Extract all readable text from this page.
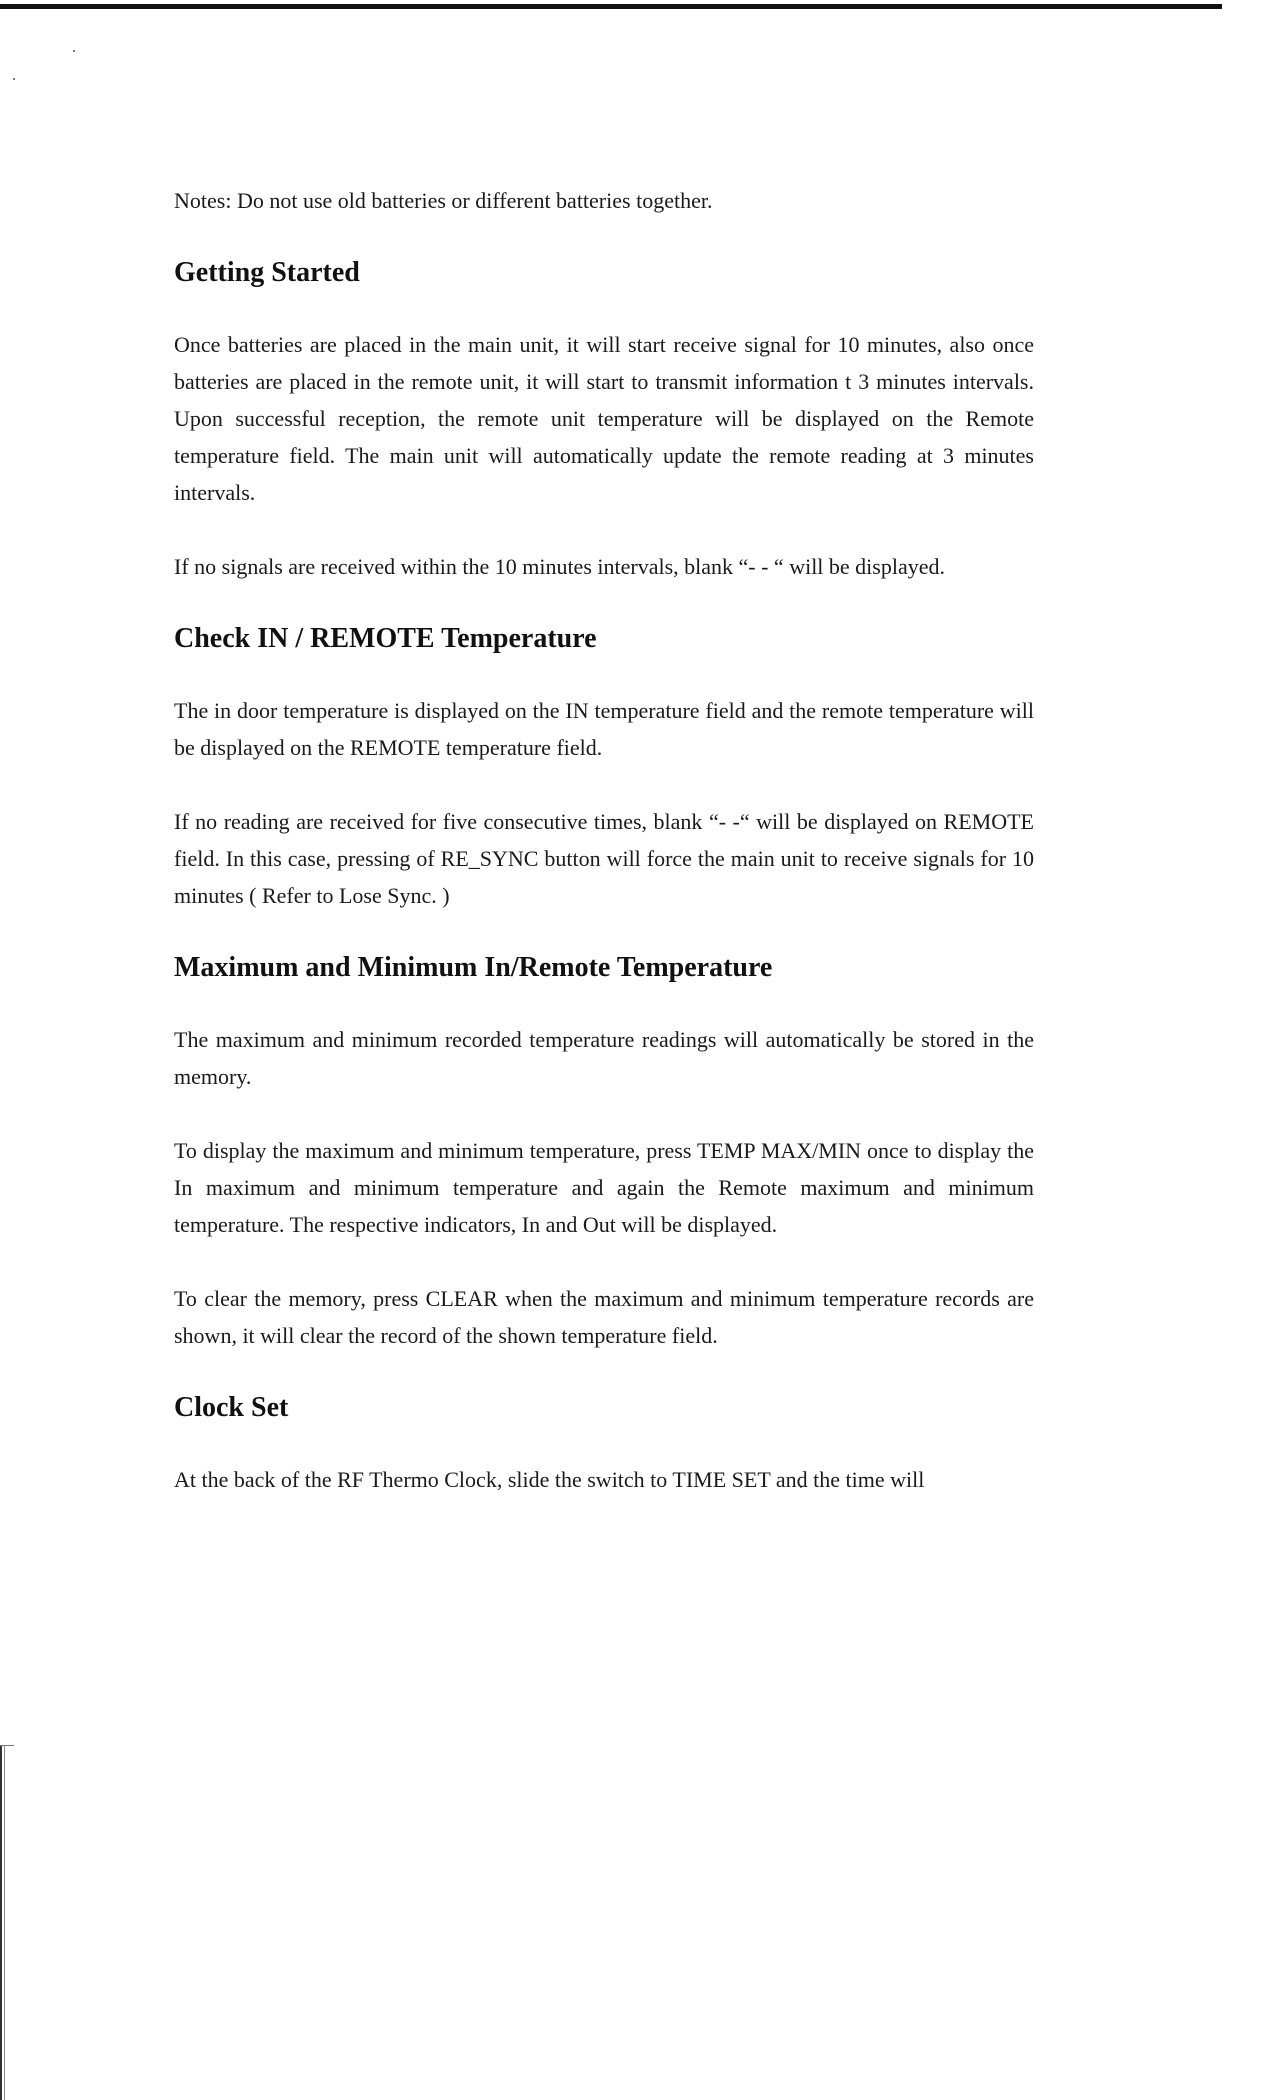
Notes: Do not use old batteries or different batteries together.

Getting Started

Once batteries are placed in the main unit, it will start receive signal for 10 minutes, also once batteries are placed in the remote unit, it will start to transmit information t 3 minutes intervals. Upon successful reception, the remote unit temperature will be displayed on the Remote temperature field. The main unit will automatically update the remote reading at 3 minutes intervals.

If no signals are received within the 10 minutes intervals, blank “- - “ will be displayed.

Check IN / REMOTE Temperature

The in door temperature is displayed on the IN temperature field and the remote temperature will be displayed on the REMOTE temperature field.

If no reading are received for five consecutive times, blank “- -“ will be displayed on REMOTE field. In this case, pressing of RE_SYNC button will force the main unit to receive signals for 10 minutes ( Refer to Lose Sync. )

Maximum and Minimum In/Remote Temperature

The maximum and minimum recorded temperature readings will automatically be stored in the memory.

To display the maximum and minimum temperature, press TEMP MAX/MIN once to display the In maximum and minimum temperature and again the Remote maximum and minimum temperature. The respective indicators, In and Out will be displayed.

To clear the memory, press CLEAR when the maximum and minimum temperature records are shown, it will clear the record of the shown temperature field.

Clock Set

At the back of the RF Thermo Clock, slide the switch to TIME SET and the time will
